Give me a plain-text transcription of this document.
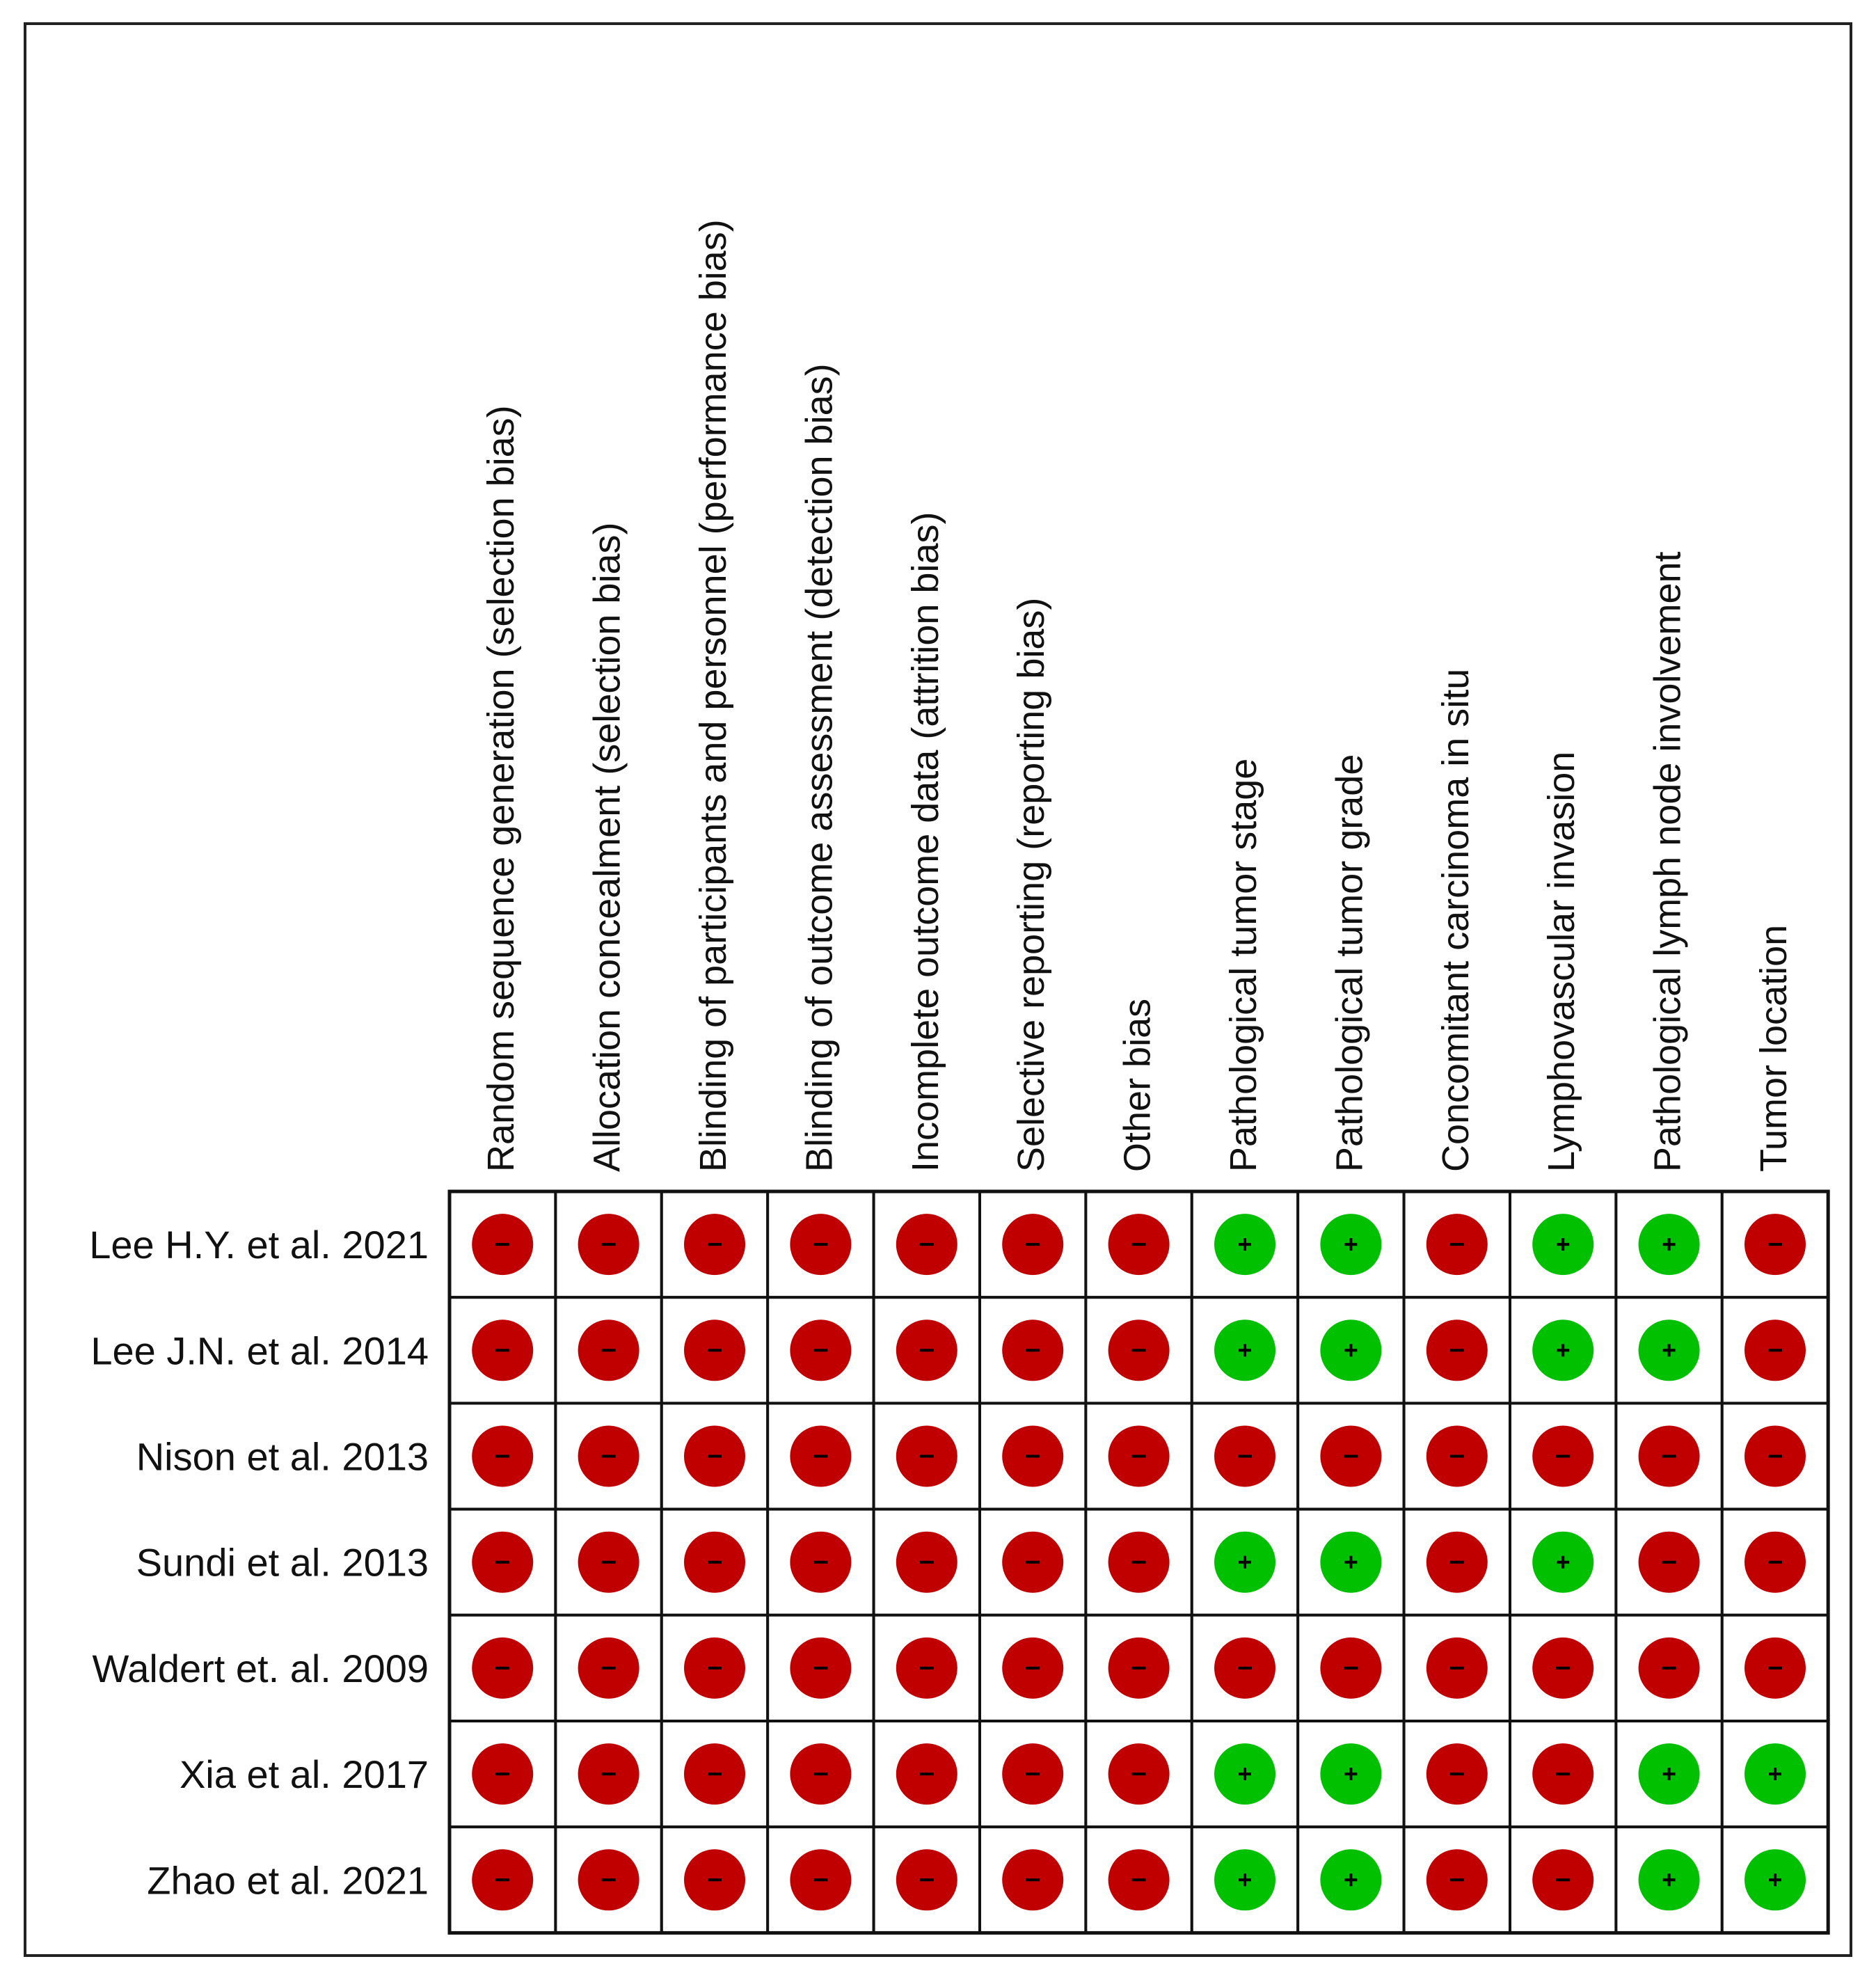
Random sequence generation (selection bias) Allocation concealment (selection bias) Blinding of participants and personnel (performance bias) Blinding of outcome assessment (detection bias) Incomplete outcome data (attrition bias) Selective reporting (reporting bias) Other bias Pathological tumor stage Pathological tumor grade Concomitant carcinoma in situ Lymphovascular invasion Pathological lymph node involvement Tumor location
Lee H.Y. et al. 2021
Lee J.N. et al. 2014
Nison et al. 2013
Sundi et al. 2013
Waldert et. al. 2009
Xia et al. 2017
Zhao et al. 2021
